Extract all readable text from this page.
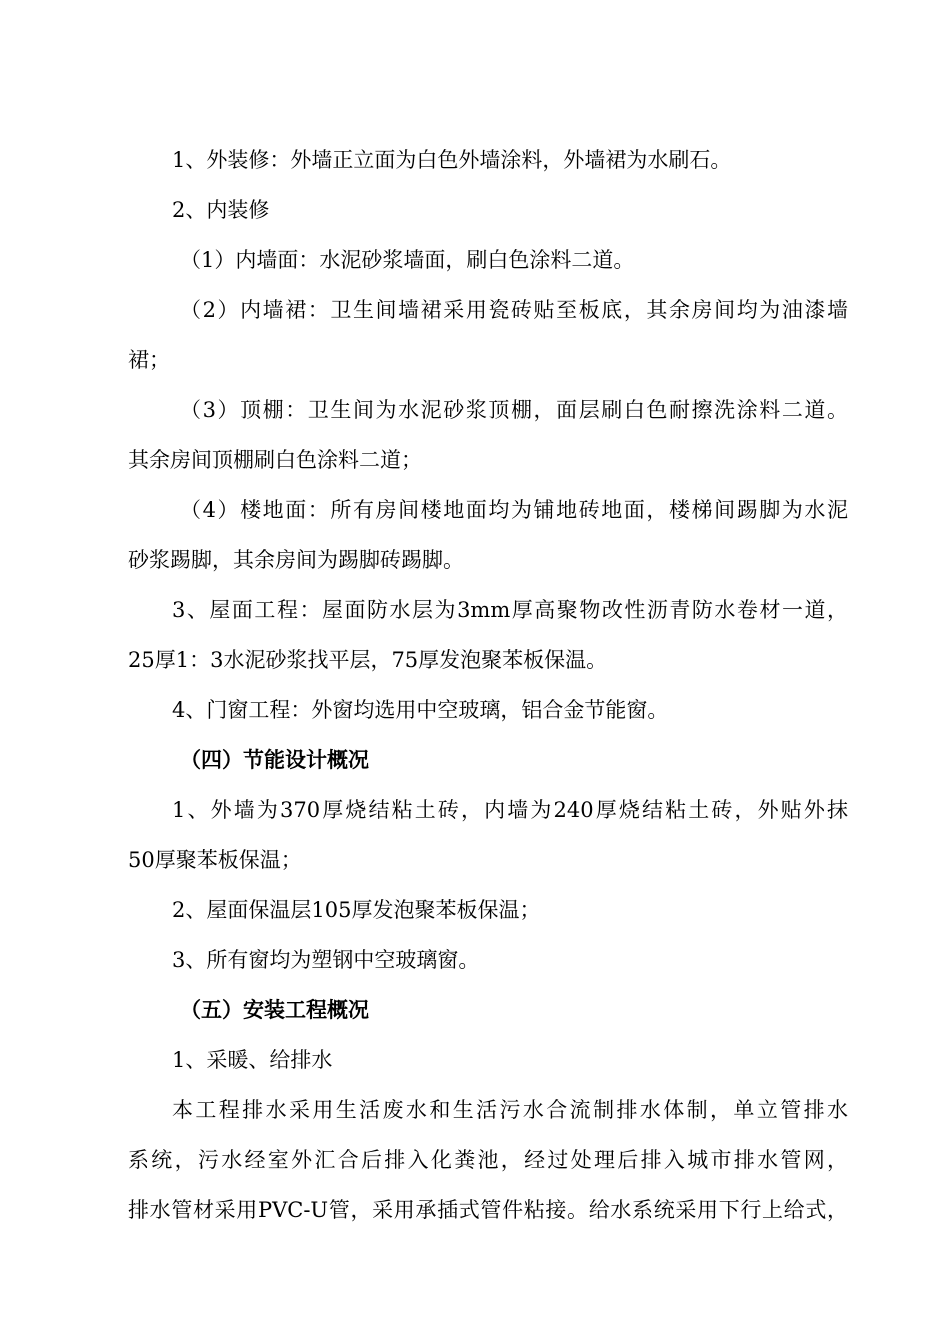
1、外装修：外墙正立面为白色外墙涂料，外墙裙为水刷石。
2、内装修
（1）内墙面：水泥砂浆墙面，刷白色涂料二道。
（2）内墙裙：卫生间墙裙采用瓷砖贴至板底，其余房间均为油漆墙
裙；
（3）顶棚：卫生间为水泥砂浆顶棚，面层刷白色耐擦洗涂料二道。
其余房间顶棚刷白色涂料二道；
（4）楼地面：所有房间楼地面均为铺地砖地面，楼梯间踢脚为水泥
砂浆踢脚，其余房间为踢脚砖踢脚。
3、屋面工程：屋面防水层为3mm厚高聚物改性沥青防水卷材一道，
25厚1：3水泥砂浆找平层，75厚发泡聚苯板保温。
4、门窗工程：外窗均选用中空玻璃，铝合金节能窗。
（四）节能设计概况
1、外墙为370厚烧结粘土砖，内墙为240厚烧结粘土砖，外贴外抹
50厚聚苯板保温；
2、屋面保温层105厚发泡聚苯板保温；
3、所有窗均为塑钢中空玻璃窗。
（五）安装工程概况
1、采暖、给排水
本工程排水采用生活废水和生活污水合流制排水体制，单立管排水
系统，污水经室外汇合后排入化粪池，经过处理后排入城市排水管网，
排水管材采用PVC-U管，采用承插式管件粘接。给水系统采用下行上给式，
